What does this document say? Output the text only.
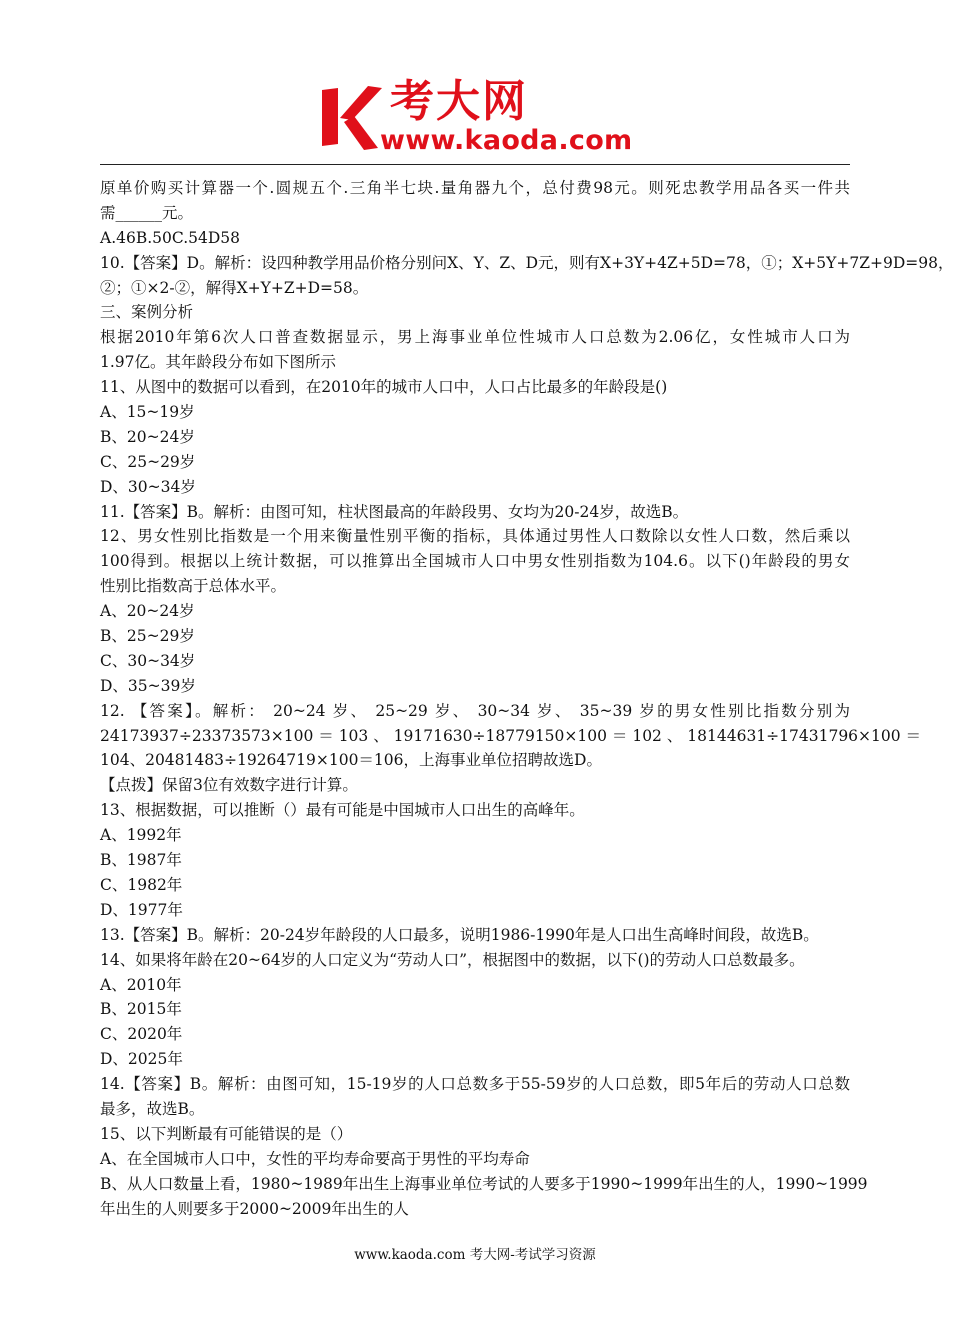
考大网
www.kaoda.com
原单价购买计算器一个.圆规五个.三角半七块.量角器九个，总付费98元。则死忠教学用品各买一件共
需______元。
A.46B.50C.54D58
10.【答案】D。解析：设四种教学用品价格分别问X、Y、Z、D元，则有X+3Y+4Z+5D=78，①；X+5Y+7Z+9D=98，
②；①×2-②，解得X+Y+Z+D=58。
三、案例分析
根据2010年第6次人口普查数据显示，男上海事业单位性城市人口总数为2.06亿，女性城市人口为
1.97亿。其年龄段分布如下图所示
11、从图中的数据可以看到，在2010年的城市人口中，人口占比最多的年龄段是()
A、15~19岁
B、20~24岁
C、25~29岁
D、30~34岁
11.【答案】B。解析：由图可知，柱状图最高的年龄段男、女均为20-24岁，故选B。
12、男女性别比指数是一个用来衡量性别平衡的指标，具体通过男性人口数除以女性人口数，然后乘以
100得到。根据以上统计数据，可以推算出全国城市人口中男女性别指数为104.6。以下()年龄段的男女
性别比指数高于总体水平。
A、20~24岁
B、25~29岁
C、30~34岁
D、35~39岁
12. 【答案】。解析： 20~24 岁、 25~29 岁、 30~34 岁、 35~39 岁的男女性别比指数分别为
24173937÷23373573×100 ＝ 103 、 19171630÷18779150×100 ＝ 102 、 18144631÷17431796×100 ＝
104、20481483÷19264719×100＝106，上海事业单位招聘故选D。
【点拨】保留3位有效数字进行计算。
13、根据数据，可以推断（）最有可能是中国城市人口出生的高峰年。
A、1992年
B、1987年
C、1982年
D、1977年
13.【答案】B。解析：20-24岁年龄段的人口最多，说明1986-1990年是人口出生高峰时间段，故选B。
14、如果将年龄在20~64岁的人口定义为“劳动人口”，根据图中的数据，以下()的劳动人口总数最多。
A、2010年
B、2015年
C、2020年
D、2025年
14.【答案】B。解析：由图可知，15-19岁的人口总数多于55-59岁的人口总数，即5年后的劳动人口总数
最多，故选B。
15、以下判断最有可能错误的是（）
A、在全国城市人口中，女性的平均寿命要高于男性的平均寿命
B、从人口数量上看，1980~1989年出生上海事业单位考试的人要多于1990~1999年出生的人，1990~1999
年出生的人则要多于2000~2009年出生的人
www.kaoda.com 考大网-考试学习资源
